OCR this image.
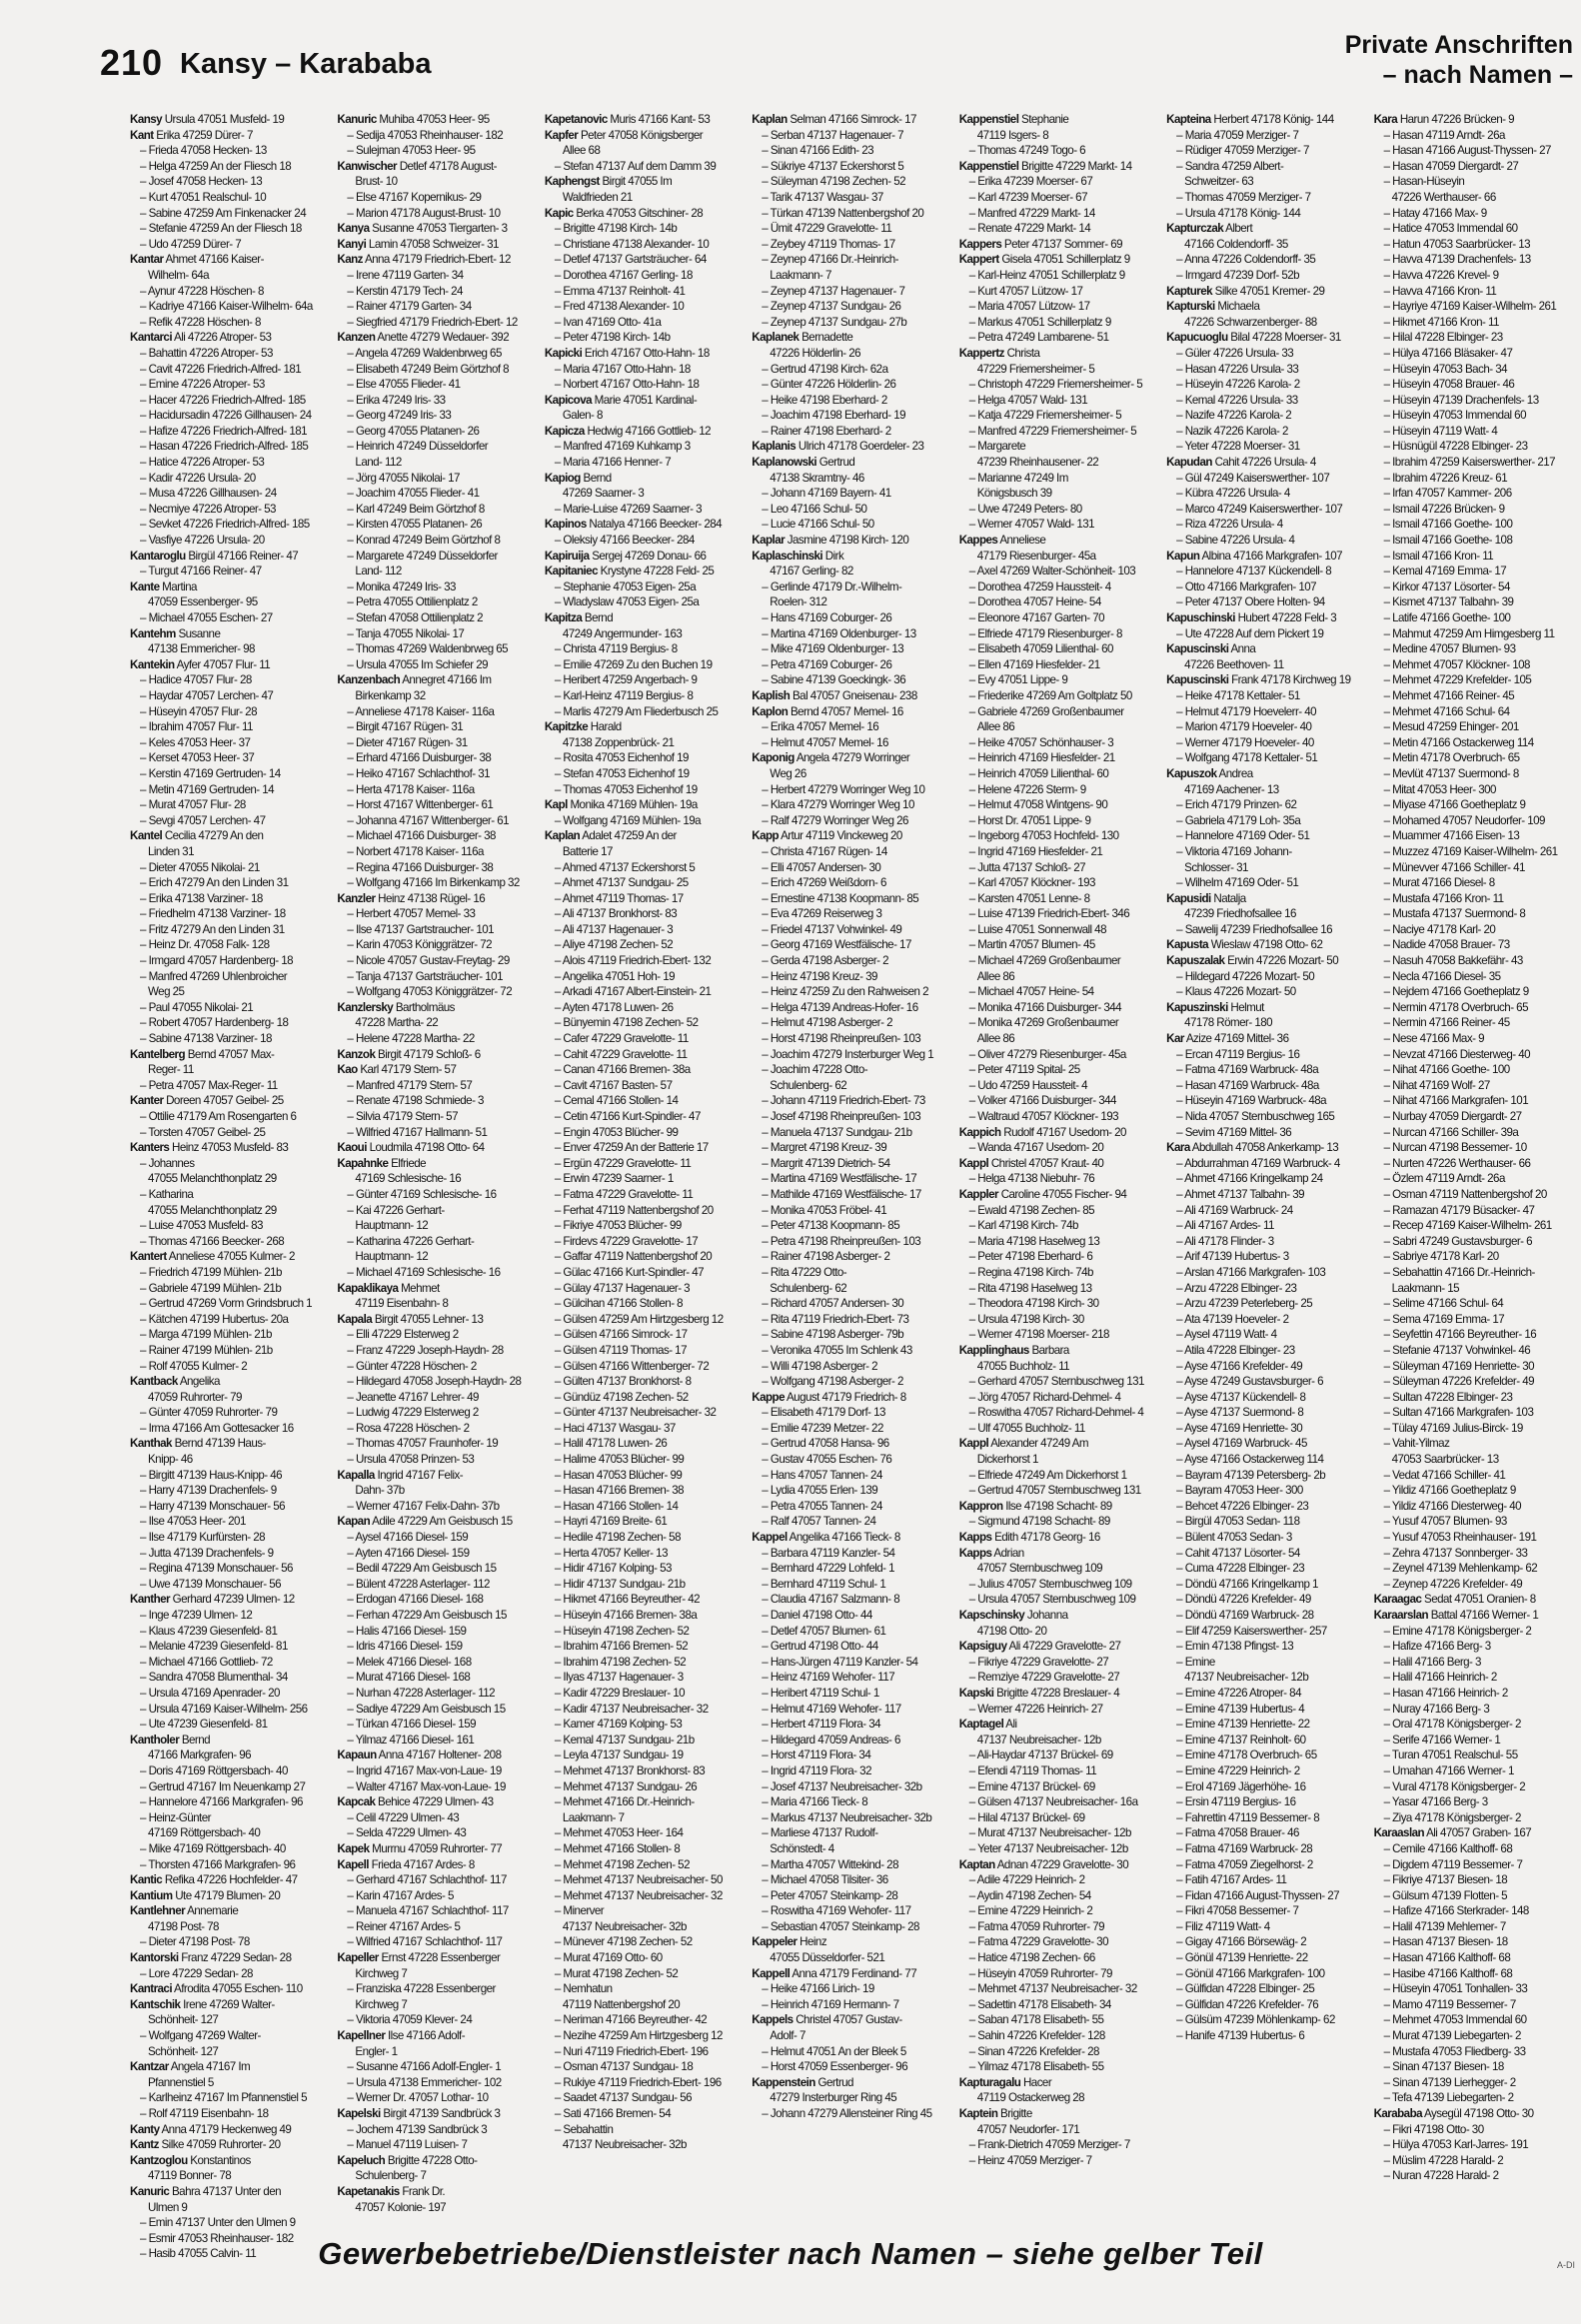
210 Kansy – Karababa
Private Anschriften
– nach Namen –
Kansy Ursula 47051 Musfeld- 19
Kant Erika 47259 Dürer- 7
– Frieda 47058 Hecken- 13
– Helga 47259 An der Fliesch 18
– Josef 47058 Hecken- 13
– Kurt 47051 Realschul- 10
– Sabine 47259 Am Finkenacker 24
– Stefanie 47259 An der Fliesch 18
– Udo 47259 Dürer- 7
Kantar Ahmet 47166 Kaiser-
Wilhelm- 64a
– Aynur 47228 Höschen- 8
– Kadriye 47166 Kaiser-Wilhelm- 64a
– Refik 47228 Höschen- 8
Kantarci Ali 47226 Atroper- 53
– Bahattin 47226 Atroper- 53
– Cavit 47226 Friedrich-Alfred- 181
– Emine 47226 Atroper- 53
– Hacer 47226 Friedrich-Alfred- 185
– Hacidursadin 47226 Gillhausen- 24
– Hafize 47226 Friedrich-Alfred- 181
– Hasan 47226 Friedrich-Alfred- 185
– Hatice 47226 Atroper- 53
– Kadir 47226 Ursula- 20
– Musa 47226 Gillhausen- 24
– Necmiye 47226 Atroper- 53
– Sevket 47226 Friedrich-Alfred- 185
– Vasfiye 47226 Ursula- 20
Kantaroglu Birgül 47166 Reiner- 47
– Turgut 47166 Reiner- 47
Kante Martina
47059 Essenberger- 95
– Michael 47055 Eschen- 27
Kantehm Susanne
47138 Emmericher- 98
Kantekin Ayfer 47057 Flur- 11
– Hadice 47057 Flur- 28
– Haydar 47057 Lerchen- 47
– Hüseyin 47057 Flur- 28
– Ibrahim 47057 Flur- 11
– Keles 47053 Heer- 37
– Kerset 47053 Heer- 37
– Kerstin 47169 Gertruden- 14
– Metin 47169 Gertruden- 14
– Murat 47057 Flur- 28
– Sevgi 47057 Lerchen- 47
Kantel Cecilia 47279 An den
Linden 31
– Dieter 47055 Nikolai- 21
– Erich 47279 An den Linden 31
– Erika 47138 Varziner- 18
– Friedhelm 47138 Varziner- 18
– Fritz 47279 An den Linden 31
– Heinz Dr. 47058 Falk- 128
– Irmgard 47057 Hardenberg- 18
– Manfred 47269 Uhlenbroicher
Weg 25
– Paul 47055 Nikolai- 21
– Robert 47057 Hardenberg- 18
– Sabine 47138 Varziner- 18
Kantelberg Bernd 47057 Max-
Reger- 11
– Petra 47057 Max-Reger- 11
Kanter Doreen 47057 Geibel- 25
– Ottilie 47179 Am Rosengarten 6
– Torsten 47057 Geibel- 25
Kanters Heinz 47053 Musfeld- 83
– Johannes
47055 Melanchthonplatz 29
– Katharina
47055 Melanchthonplatz 29
– Luise 47053 Musfeld- 83
– Thomas 47166 Beecker- 268
Kantert Anneliese 47055 Kulmer- 2
– Friedrich 47199 Mühlen- 21b
– Gabriele 47199 Mühlen- 21b
– Gertrud 47269 Vorm Grindsbruch 1
– Kätchen 47199 Hubertus- 20a
– Marga 47199 Mühlen- 21b
– Rainer 47199 Mühlen- 21b
– Rolf 47055 Kulmer- 2
Kantback Angelika
47059 Ruhrorter- 79
– Günter 47059 Ruhrorter- 79
– Irma 47166 Am Gottesacker 16
Kanthak Bernd 47139 Haus-
Knipp- 46
– Birgitt 47139 Haus-Knipp- 46
– Harry 47139 Drachenfels- 9
– Harry 47139 Monschauer- 56
– Ilse 47053 Heer- 201
– Ilse 47179 Kurfürsten- 28
– Jutta 47139 Drachenfels- 9
– Regina 47139 Monschauer- 56
– Uwe 47139 Monschauer- 56
Kanther Gerhard 47239 Ulmen- 12
– Inge 47239 Ulmen- 12
– Klaus 47239 Giesenfeld- 81
– Melanie 47239 Giesenfeld- 81
– Michael 47166 Gottlieb- 72
– Sandra 47058 Blumenthal- 34
– Ursula 47169 Apenrader- 20
– Ursula 47169 Kaiser-Wilhelm- 256
– Ute 47239 Giesenfeld- 81
Kantholer Bernd
47166 Markgrafen- 96
– Doris 47169 Röttgersbach- 40
– Gertrud 47167 Im Neuenkamp 27
– Hannelore 47166 Markgrafen- 96
– Heinz-Günter
47169 Röttgersbach- 40
– Mike 47169 Röttgersbach- 40
– Thorsten 47166 Markgrafen- 96
Kantic Refika 47226 Hochfelder- 47
Kantium Ute 47179 Blumen- 20
Kantlehner Annemarie
47198 Post- 78
– Dieter 47198 Post- 78
Kantorski Franz 47229 Sedan- 28
– Lore 47229 Sedan- 28
Kantraci Afrodita 47055 Eschen- 110
Kantschik Irene 47269 Walter-
Schönheit- 127
– Wolfgang 47269 Walter-
Schönheit- 127
Kantzar Angela 47167 Im
Pfannenstiel 5
– Karlheinz 47167 Im Pfannenstiel 5
– Rolf 47119 Eisenbahn- 18
Kanty Anna 47179 Heckenweg 49
Kantz Silke 47059 Ruhrorter- 20
Kantzoglou Konstantinos
47119 Bonner- 78
Kanuric Bahra 47137 Unter den
Ulmen 9
– Emin 47137 Unter den Ulmen 9
– Esmir 47053 Rheinhauser- 182
– Hasib 47055 Calvin- 11
Kanuric Muhiba 47053 Heer- 95
– Sedija 47053 Rheinhauser- 182
– Sulejman 47053 Heer- 95
Kanwischer Detlef 47178 August-
Brust- 10
– Else 47167 Kopernikus- 29
– Marion 47178 August-Brust- 10
Kanya Susanne 47053 Tiergarten- 3
Kanyi Lamin 47058 Schweizer- 31
Kanz Anna 47179 Friedrich-Ebert- 12
– Irene 47119 Garten- 34
– Kerstin 47179 Tech- 24
– Rainer 47179 Garten- 34
– Siegfried 47179 Friedrich-Ebert- 12
Kanzen Anette 47279 Wedauer- 392
– Angela 47269 Waldenbrweg 65
– Elisabeth 47249 Beim Görtzhof 8
– Else 47055 Flieder- 41
– Erika 47249 Iris- 33
– Georg 47249 Iris- 33
– Georg 47055 Platanen- 26
– Heinrich 47249 Düsseldorfer
Land- 112
– Jörg 47055 Nikolai- 17
– Joachim 47055 Flieder- 41
– Karl 47249 Beim Görtzhof 8
– Kirsten 47055 Platanen- 26
– Konrad 47249 Beim Görtzhof 8
– Margarete 47249 Düsseldorfer
Land- 112
– Monika 47249 Iris- 33
– Petra 47055 Ottilienplatz 2
– Stefan 47058 Ottilienplatz 2
– Tanja 47055 Nikolai- 17
– Thomas 47269 Waldenbrweg 65
– Ursula 47055 Im Schiefer 29
Kanzenbach Annegret 47166 Im
Birkenkamp 32
– Anneliese 47178 Kaiser- 116a
– Birgit 47167 Rügen- 31
– Dieter 47167 Rügen- 31
– Erhard 47166 Duisburger- 38
– Heiko 47167 Schlachthof- 31
– Herta 47178 Kaiser- 116a
– Horst 47167 Wittenberger- 61
– Johanna 47167 Wittenberger- 61
– Michael 47166 Duisburger- 38
– Norbert 47178 Kaiser- 116a
– Regina 47166 Duisburger- 38
– Wolfgang 47166 Im Birkenkamp 32
Kanzler Heinz 47138 Rügel- 16
– Herbert 47057 Memel- 33
– Ilse 47137 Gartstraucher- 101
– Karin 47053 Königgrätzer- 72
– Nicole 47057 Gustav-Freytag- 29
– Tanja 47137 Gartsträucher- 101
– Wolfgang 47053 Königgrätzer- 72
Kanzlersky Bartholmäus
47228 Martha- 22
– Helene 47228 Martha- 22
Kanzok Birgit 47179 Schloß- 6
Kao Karl 47179 Stern- 57
– Manfred 47179 Stern- 57
– Renate 47198 Schmiede- 3
– Silvia 47179 Stern- 57
– Wilfried 47167 Hallmann- 51
Kaoui Loudmila 47198 Otto- 64
Kapahnke Elfriede
47169 Schlesische- 16
– Günter 47169 Schlesische- 16
– Kai 47226 Gerhart-
Hauptmann- 12
– Katharina 47226 Gerhart-
Hauptmann- 12
– Michael 47169 Schlesische- 16
Kapaklikaya Mehmet
47119 Eisenbahn- 8
Kapala Birgit 47055 Lehner- 13
– Elli 47229 Elsterweg 2
– Franz 47229 Joseph-Haydn- 28
– Günter 47228 Höschen- 2
– Hildegard 47058 Joseph-Haydn- 28
– Jeanette 47167 Lehrer- 49
– Ludwig 47229 Elsterweg 2
– Rosa 47228 Höschen- 2
– Thomas 47057 Fraunhofer- 19
– Ursula 47058 Prinzen- 53
Kapalla Ingrid 47167 Felix-
Dahn- 37b
– Werner 47167 Felix-Dahn- 37b
Kapan Adile 47229 Am Geisbusch 15
– Aysel 47166 Diesel- 159
– Ayten 47166 Diesel- 159
– Bedil 47229 Am Geisbusch 15
– Bülent 47228 Asterlager- 112
– Erdogan 47166 Diesel- 168
– Ferhan 47229 Am Geisbusch 15
– Halis 47166 Diesel- 159
– Idris 47166 Diesel- 159
– Melek 47166 Diesel- 168
– Murat 47166 Diesel- 168
– Nurhan 47228 Asterlager- 112
– Sadiye 47229 Am Geisbusch 15
– Türkan 47166 Diesel- 159
– Yilmaz 47166 Diesel- 161
Kapaun Anna 47167 Holtener- 208
– Ingrid 47167 Max-von-Laue- 19
– Walter 47167 Max-von-Laue- 19
Kapcak Behice 47229 Ulmen- 43
– Celil 47229 Ulmen- 43
– Selda 47229 Ulmen- 43
Kapek Murrnu 47059 Ruhrorter- 77
Kapell Frieda 47167 Ardes- 8
– Gerhard 47167 Schlachthof- 117
– Karin 47167 Ardes- 5
– Manuela 47167 Schlachthof- 117
– Reiner 47167 Ardes- 5
– Wilfried 47167 Schlachthof- 117
Kapeller Ernst 47228 Essenberger
Kirchweg 7
– Franziska 47228 Essenberger
Kirchweg 7
– Viktoria 47059 Klever- 24
Kapellner Ilse 47166 Adolf-
Engler- 1
– Susanne 47166 Adolf-Engler- 1
– Ursula 47138 Emmericher- 102
– Werner Dr. 47057 Lothar- 10
Kapelski Birgit 47139 Sandbrück 3
– Jochem 47139 Sandbrück 3
– Manuel 47119 Luisen- 7
Kapeluch Brigitte 47228 Otto-
Schulenberg- 7
Kapetanakis Frank Dr.
47057 Kolonie- 197
Kapetanovic Muris 47166 Kant- 53
Kapfer Peter 47058 Königsberger
Allee 68
– Stefan 47137 Auf dem Damm 39
Kaphengst Birgit 47055 Im
Waldfrieden 21
Kapic Berka 47053 Gitschiner- 28
– Brigitte 47198 Kirch- 14b
– Christiane 47138 Alexander- 10
– Detlef 47137 Gartsträucher- 64
– Dorothea 47167 Gerling- 18
– Emma 47137 Reinholt- 41
– Fred 47138 Alexander- 10
– Ivan 47169 Otto- 41a
– Peter 47198 Kirch- 14b
Kapicki Erich 47167 Otto-Hahn- 18
– Maria 47167 Otto-Hahn- 18
– Norbert 47167 Otto-Hahn- 18
Kapicova Marie 47051 Kardinal-
Galen- 8
Kapicza Hedwig 47166 Gottlieb- 12
– Manfred 47169 Kuhkamp 3
– Maria 47166 Henner- 7
Kapiog Bernd
47269 Saarner- 3
– Marie-Luise 47269 Saarner- 3
Kapinos Natalya 47166 Beecker- 284
– Oleksiy 47166 Beecker- 284
Kapiruija Sergej 47269 Donau- 66
Kapitaniec Krystyne 47228 Feld- 25
– Stephanie 47053 Eigen- 25a
– Wladyslaw 47053 Eigen- 25a
Kapitza Bernd
47249 Angermunder- 163
– Christa 47119 Bergius- 8
– Emilie 47269 Zu den Buchen 19
– Heribert 47259 Angerbach- 9
– Karl-Heinz 47119 Bergius- 8
– Marlis 47279 Am Fliederbusch 25
Kapitzke Harald
47138 Zoppenbrück- 21
– Rosita 47053 Eichenhof 19
– Stefan 47053 Eichenhof 19
– Thomas 47053 Eichenhof 19
Kapl Monika 47169 Mühlen- 19a
– Wolfgang 47169 Mühlen- 19a
Kaplan Adalet 47259 An der
Batterie 17
– Ahmed 47137 Eckershorst 5
– Ahmet 47137 Sundgau- 25
– Ahmet 47119 Thomas- 17
– Ali 47137 Bronkhorst- 83
– Ali 47137 Hagenauer- 3
– Aliye 47198 Zechen- 52
– Alois 47119 Friedrich-Ebert- 132
– Angelika 47051 Hoh- 19
– Arkadi 47167 Albert-Einstein- 21
– Ayten 47178 Luwen- 26
– Bünyemin 47198 Zechen- 52
– Cafer 47229 Gravelotte- 11
– Cahit 47229 Gravelotte- 11
– Canan 47166 Bremen- 38a
– Cavit 47167 Basten- 57
– Cemal 47166 Stollen- 14
– Cetin 47166 Kurt-Spindler- 47
– Engin 47053 Blücher- 99
– Enver 47259 An der Batterie 17
– Ergün 47229 Gravelotte- 11
– Erwin 47239 Saarner- 1
– Fatma 47229 Gravelotte- 11
– Ferhat 47119 Nattenbergshof 20
– Fikriye 47053 Blücher- 99
– Firdevs 47229 Gravelotte- 17
– Gaffar 47119 Nattenbergshof 20
– Gülac 47166 Kurt-Spindler- 47
– Gülay 47137 Hagenauer- 3
– Gülcihan 47166 Stollen- 8
– Gülsen 47259 Am Hirtzgesberg 12
– Gülsen 47166 Simrock- 17
– Gülsen 47119 Thomas- 17
– Gülsen 47166 Wittenberger- 72
– Gülten 47137 Bronkhorst- 8
– Gündüz 47198 Zechen- 52
– Günter 47137 Neubreisacher- 32
– Haci 47137 Wasgau- 37
– Halil 47178 Luwen- 26
– Halime 47053 Blücher- 99
– Hasan 47053 Blücher- 99
– Hasan 47166 Bremen- 38
– Hasan 47166 Stollen- 14
– Hayri 47169 Breite- 61
– Hedile 47198 Zechen- 58
– Herta 47057 Keller- 13
– Hidir 47167 Kolping- 53
– Hidir 47137 Sundgau- 21b
– Hikmet 47166 Beyreuther- 42
– Hüseyin 47166 Bremen- 38a
– Hüseyin 47198 Zechen- 52
– Ibrahim 47166 Bremen- 52
– Ibrahim 47198 Zechen- 52
– Ilyas 47137 Hagenauer- 3
– Kadir 47229 Breslauer- 10
– Kadir 47137 Neubreisacher- 32
– Kamer 47169 Kolping- 53
– Kemal 47137 Sundgau- 21b
– Leyla 47137 Sundgau- 19
– Mehmet 47137 Bronkhorst- 83
– Mehmet 47137 Sundgau- 26
– Mehmet 47166 Dr.-Heinrich-
Laakmann- 7
– Mehmet 47053 Heer- 164
– Mehmet 47166 Stollen- 8
– Mehmet 47198 Zechen- 52
– Mehmet 47137 Neubreisacher- 50
– Mehmet 47137 Neubreisacher- 32
– Minerver
47137 Neubreisacher- 32b
– Münever 47198 Zechen- 52
– Murat 47169 Otto- 60
– Murat 47198 Zechen- 52
– Nemhatun
47119 Nattenbergshof 20
– Neriman 47166 Beyreuther- 42
– Nezihe 47259 Am Hirtzgesberg 12
– Nuri 47119 Friedrich-Ebert- 196
– Osman 47137 Sundgau- 18
– Rukiye 47119 Friedrich-Ebert- 196
– Saadet 47137 Sundgau- 56
– Sati 47166 Bremen- 54
– Sebahattin
47137 Neubreisacher- 32b
Kaplan Selman 47166 Simrock- 17
– Serban 47137 Hagenauer- 7
– Sinan 47166 Edith- 23
– Sükriye 47137 Eckershorst 5
– Süleyman 47198 Zechen- 52
– Tarik 47137 Wasgau- 37
– Türkan 47139 Nattenbergshof 20
– Ümit 47229 Gravelotte- 11
– Zeybey 47119 Thomas- 17
– Zeynep 47166 Dr.-Heinrich-
Laakmann- 7
– Zeynep 47137 Hagenauer- 7
– Zeynep 47137 Sundgau- 26
– Zeynep 47137 Sundgau- 27b
Kaplanek Bernadette
47226 Hölderlin- 26
– Gertrud 47198 Kirch- 62a
– Günter 47226 Hölderlin- 26
– Heike 47198 Eberhard- 2
– Joachim 47198 Eberhard- 19
– Rainer 47198 Eberhard- 2
Kaplanis Ulrich 47178 Goerdeler- 23
Kaplanowski Gertrud
47138 Skramtny- 46
– Johann 47169 Bayern- 41
– Leo 47166 Schul- 50
– Lucie 47166 Schul- 50
Kaplar Jasmine 47198 Kirch- 120
Kaplaschinski Dirk
47167 Gerling- 82
– Gerlinde 47179 Dr.-Wilhelm-
Roelen- 312
– Hans 47169 Coburger- 26
– Martina 47169 Oldenburger- 13
– Mike 47169 Oldenburger- 13
– Petra 47169 Coburger- 26
– Sabine 47139 Goeckingk- 36
Kaplish Bal 47057 Gneisenau- 238
Kaplon Bernd 47057 Memel- 16
– Erika 47057 Memel- 16
– Helmut 47057 Memel- 16
Kaponig Angela 47279 Worringer
Weg 26
– Herbert 47279 Worringer Weg 10
– Klara 47279 Worringer Weg 10
– Ralf 47279 Worringer Weg 26
Kapp Artur 47119 Vinckeweg 20
– Christa 47167 Rügen- 14
– Elli 47057 Andersen- 30
– Erich 47269 Weißdorn- 6
– Ernestine 47138 Koopmann- 85
– Eva 47269 Reiserweg 3
– Friedel 47137 Vohwinkel- 49
– Georg 47169 Westfälische- 17
– Gerda 47198 Asberger- 2
– Heinz 47198 Kreuz- 39
– Heinz 47259 Zu den Rahweisen 2
– Helga 47139 Andreas-Hofer- 16
– Helmut 47198 Asberger- 2
– Horst 47198 Rheinpreußen- 103
– Joachim 47279 Insterburger Weg 1
– Joachim 47228 Otto-
Schulenberg- 62
– Johann 47119 Friedrich-Ebert- 73
– Josef 47198 Rheinpreußen- 103
– Manuela 47137 Sundgau- 21b
– Margret 47198 Kreuz- 39
– Margrit 47139 Dietrich- 54
– Martina 47169 Westfälische- 17
– Mathilde 47169 Westfälische- 17
– Monika 47053 Fröbel- 41
– Peter 47138 Koopmann- 85
– Petra 47198 Rheinpreußen- 103
– Rainer 47198 Asberger- 2
– Rita 47229 Otto-
Schulenberg- 62
– Richard 47057 Andersen- 30
– Rita 47119 Friedrich-Ebert- 73
– Sabine 47198 Asberger- 79b
– Veronika 47055 Im Schlenk 43
– Willi 47198 Asberger- 2
– Wolfgang 47198 Asberger- 2
Kappe August 47179 Friedrich- 8
– Elisabeth 47179 Dorf- 13
– Emilie 47239 Metzer- 22
– Gertrud 47058 Hansa- 96
– Gustav 47055 Eschen- 76
– Hans 47057 Tannen- 24
– Lydia 47055 Erlen- 139
– Petra 47055 Tannen- 24
– Ralf 47057 Tannen- 24
Kappel Angelika 47166 Tieck- 8
– Barbara 47119 Kanzler- 54
– Bernhard 47229 Lohfeld- 1
– Bernhard 47119 Schul- 1
– Claudia 47167 Salzmann- 8
– Daniel 47198 Otto- 44
– Detlef 47057 Blumen- 61
– Gertrud 47198 Otto- 44
– Hans-Jürgen 47119 Kanzler- 54
– Heinz 47169 Wehofer- 117
– Heribert 47119 Schul- 1
– Helmut 47169 Wehofer- 117
– Herbert 47119 Flora- 34
– Hildegard 47059 Andreas- 6
– Horst 47119 Flora- 34
– Ingrid 47119 Flora- 32
– Josef 47137 Neubreisacher- 32b
– Maria 47166 Tieck- 8
– Markus 47137 Neubreisacher- 32b
– Marliese 47137 Rudolf-
Schönstedt- 4
– Martha 47057 Wittekind- 28
– Michael 47058 Tilsiter- 36
– Peter 47057 Steinkamp- 28
– Roswitha 47169 Wehofer- 117
– Sebastian 47057 Steinkamp- 28
Kappeler Heinz
47055 Düsseldorfer- 521
Kappell Anna 47179 Ferdinand- 77
– Heike 47166 Lirich- 19
– Heinrich 47169 Hermann- 7
Kappels Christel 47057 Gustav-
Adolf- 7
– Helmut 47051 An der Bleek 5
– Horst 47059 Essenberger- 96
Kappenstein Gertrud
47279 Insterburger Ring 45
– Johann 47279 Allensteiner Ring 45
Kappenstiel Stephanie
47119 Isgers- 8
– Thomas 47249 Togo- 6
Kappenstiel Brigitte 47229 Markt- 14
– Erika 47239 Moerser- 67
– Karl 47239 Moerser- 67
– Manfred 47229 Markt- 14
– Renate 47229 Markt- 14
Kappers Peter 47137 Sommer- 69
Kappert Gisela 47051 Schillerplatz 9
– Karl-Heinz 47051 Schillerplatz 9
– Kurt 47057 Lützow- 17
– Maria 47057 Lützow- 17
– Markus 47051 Schillerplatz 9
– Petra 47249 Lambarene- 51
Kappertz Christa
47229 Friemersheimer- 5
– Christoph 47229 Friemersheimer- 5
– Helga 47057 Wald- 131
– Katja 47229 Friemersheimer- 5
– Manfred 47229 Friemersheimer- 5
– Margarete
47239 Rheinhausener- 22
– Marianne 47249 Im
Königsbusch 39
– Uwe 47249 Peters- 80
– Werner 47057 Wald- 131
Kappes Anneliese
47179 Riesenburger- 45a
– Axel 47269 Walter-Schönheit- 103
– Dorothea 47259 Haussteit- 4
– Dorothea 47057 Heine- 54
– Eleonore 47167 Garten- 70
– Elfriede 47179 Riesenburger- 8
– Elisabeth 47059 Lilienthal- 60
– Ellen 47169 Hiesfelder- 21
– Evy 47051 Lippe- 9
– Friederike 47269 Am Goltplatz 50
– Gabriele 47269 Großenbaumer
Allee 86
– Heike 47057 Schönhauser- 3
– Heinrich 47169 Hiesfelder- 21
– Heinrich 47059 Lilienthal- 60
– Helene 47226 Sterm- 9
– Helmut 47058 Wintgens- 90
– Horst Dr. 47051 Lippe- 9
– Ingeborg 47053 Hochfeld- 130
– Ingrid 47169 Hiesfelder- 21
– Jutta 47137 Schloß- 27
– Karl 47057 Klöckner- 193
– Karsten 47051 Lenne- 8
– Luise 47139 Friedrich-Ebert- 346
– Luise 47051 Sonnenwall 48
– Martin 47057 Blumen- 45
– Michael 47269 Großenbaumer
Allee 86
– Michael 47057 Heine- 54
– Monika 47166 Duisburger- 344
– Monika 47269 Großenbaumer
Allee 86
– Oliver 47279 Riesenburger- 45a
– Peter 47119 Spital- 25
– Udo 47259 Haussteit- 4
– Volker 47166 Duisburger- 344
– Waltraud 47057 Klöckner- 193
Kappich Rudolf 47167 Usedom- 20
– Wanda 47167 Usedom- 20
Kappl Christel 47057 Kraut- 40
– Helga 47138 Niebuhr- 76
Kappler Caroline 47055 Fischer- 94
– Ewald 47198 Zechen- 85
– Karl 47198 Kirch- 74b
– Maria 47198 Haselweg 13
– Peter 47198 Eberhard- 6
– Regina 47198 Kirch- 74b
– Rita 47198 Haselweg 13
– Theodora 47198 Kirch- 30
– Ursula 47198 Kirch- 30
– Werner 47198 Moerser- 218
Kapplinghaus Barbara
47055 Buchholz- 11
– Gerhard 47057 Sternbuschweg 131
– Jörg 47057 Richard-Dehmel- 4
– Roswitha 47057 Richard-Dehmel- 4
– Ulf 47055 Buchholz- 11
Kappl Alexander 47249 Am
Dickerhorst 1
– Elfriede 47249 Am Dickerhorst 1
– Gertrud 47057 Sternbuschweg 131
Kappron Ilse 47198 Schacht- 89
– Sigmund 47198 Schacht- 89
Kapps Edith 47178 Georg- 16
Kapps Adrian
47057 Sternbuschweg 109
– Julius 47057 Sternbuschweg 109
– Ursula 47057 Sternbuschweg 109
Kapschinsky Johanna
47198 Otto- 20
Kapsiguy Ali 47229 Gravelotte- 27
– Fikriye 47229 Gravelotte- 27
– Remziye 47229 Gravelotte- 27
Kapski Brigitte 47228 Breslauer- 4
– Werner 47226 Heinrich- 27
Kaptagel Ali
47137 Neubreisacher- 12b
– Ali-Haydar 47137 Brückel- 69
– Efendi 47119 Thomas- 11
– Emine 47137 Brückel- 69
– Gülsen 47137 Neubreisacher- 16a
– Hilal 47137 Brückel- 69
– Murat 47137 Neubreisacher- 12b
– Yeter 47137 Neubreisacher- 12b
Kaptan Adnan 47229 Gravelotte- 30
– Adile 47229 Heinrich- 2
– Aydin 47198 Zechen- 54
– Emine 47229 Heinrich- 2
– Fatma 47059 Ruhrorter- 79
– Fatma 47229 Gravelotte- 30
– Hatice 47198 Zechen- 66
– Hüseyin 47059 Ruhrorter- 79
– Mehmet 47137 Neubreisacher- 32
– Sadettin 47178 Elisabeth- 34
– Saban 47178 Elisabeth- 55
– Sahin 47226 Krefelder- 128
– Sinan 47226 Krefelder- 28
– Yilmaz 47178 Elisabeth- 55
Kapturagalu Hacer
47119 Ostackerweg 28
Kaptein Brigitte
47057 Neudorfer- 171
– Frank-Dietrich 47059 Merziger- 7
– Heinz 47059 Merziger- 7
Kapteina Herbert 47178 König- 144
– Maria 47059 Merziger- 7
– Rüdiger 47059 Merziger- 7
– Sandra 47259 Albert-
Schweitzer- 63
– Thomas 47059 Merziger- 7
– Ursula 47178 König- 144
Kapturczak Albert
47166 Coldendorff- 35
– Anna 47226 Coldendorff- 35
– Irmgard 47239 Dorf- 52b
Kapturek Silke 47051 Kremer- 29
Kapturski Michaela
47226 Schwarzenberger- 88
Kapucuoglu Bilal 47228 Moerser- 31
– Güler 47226 Ursula- 33
– Hasan 47226 Ursula- 33
– Hüseyin 47226 Karola- 2
– Kemal 47226 Ursula- 33
– Nazife 47226 Karola- 2
– Nazik 47226 Karola- 2
– Yeter 47228 Moerser- 31
Kapudan Cahit 47226 Ursula- 4
– Gül 47249 Kaiserswerther- 107
– Kübra 47226 Ursula- 4
– Marco 47249 Kaiserswerther- 107
– Riza 47226 Ursula- 4
– Sabine 47226 Ursula- 4
Kapun Albina 47166 Markgrafen- 107
– Hannelore 47137 Kückendell- 8
– Otto 47166 Markgrafen- 107
– Peter 47137 Obere Holten- 94
Kapuschinski Hubert 47228 Feld- 3
– Ute 47228 Auf dem Pickert 19
Kapuscinski Anna
47226 Beethoven- 11
Kapuscinski Frank 47178 Kirchweg 19
– Heike 47178 Kettaler- 51
– Helmut 47179 Hoevelerr- 40
– Marion 47179 Hoeveler- 40
– Werner 47179 Hoeveler- 40
– Wolfgang 47178 Kettaler- 51
Kapuszok Andrea
47169 Aachener- 13
– Erich 47179 Prinzen- 62
– Gabriela 47179 Loh- 35a
– Hannelore 47169 Oder- 51
– Viktoria 47169 Johann-
Schlosser- 31
– Wilhelm 47169 Oder- 51
Kapusidi Natalja
47239 Friedhofsallee 16
– Sawelij 47239 Friedhofsallee 16
Kapusta Wieslaw 47198 Otto- 62
Kapuszalak Erwin 47226 Mozart- 50
– Hildegard 47226 Mozart- 50
– Klaus 47226 Mozart- 50
Kapuszinski Helmut
47178 Römer- 180
Kar Azize 47169 Mittel- 36
– Ercan 47119 Bergius- 16
– Fatma 47169 Warbruck- 48a
– Hasan 47169 Warbruck- 48a
– Hüseyin 47169 Warbruck- 48a
– Nida 47057 Sternbuschweg 165
– Sevim 47169 Mittel- 36
Kara Abdullah 47058 Ankerkamp- 13
– Abdurrahman 47169 Warbruck- 4
– Ahmet 47166 Kringelkamp 24
– Ahmet 47137 Talbahn- 39
– Ali 47169 Warbruck- 24
– Ali 47167 Ardes- 11
– Ali 47178 Flinder- 3
– Arif 47139 Hubertus- 3
– Arslan 47166 Markgrafen- 103
– Arzu 47228 Elbinger- 23
– Arzu 47239 Peterleberg- 25
– Ata 47139 Hoeveler- 2
– Aysel 47119 Watt- 4
– Atila 47228 Elbinger- 23
– Ayse 47166 Krefelder- 49
– Ayse 47249 Gustavsburger- 6
– Ayse 47137 Kückendell- 8
– Ayse 47137 Suermond- 8
– Ayse 47169 Henriette- 30
– Aysel 47169 Warbruck- 45
– Ayse 47166 Ostackerweg 114
– Bayram 47139 Petersberg- 2b
– Bayram 47053 Heer- 300
– Behcet 47226 Elbinger- 23
– Birgül 47053 Sedan- 118
– Bülent 47053 Sedan- 3
– Cahit 47137 Lösorter- 54
– Cuma 47228 Elbinger- 23
– Döndü 47166 Kringelkamp 1
– Döndü 47226 Krefelder- 49
– Döndü 47169 Warbruck- 28
– Elif 47259 Kaiserswerther- 257
– Emin 47138 Pfingst- 13
– Emine
47137 Neubreisacher- 12b
– Emine 47226 Atroper- 84
– Emine 47139 Hubertus- 4
– Emine 47139 Henriette- 22
– Emine 47137 Reinholt- 60
– Emine 47178 Overbruch- 65
– Emine 47229 Heinrich- 2
– Erol 47169 Jägerhöhe- 16
– Ersin 47119 Bergius- 16
– Fahrettin 47119 Bessemer- 8
– Fatma 47058 Brauer- 46
– Fatma 47169 Warbruck- 28
– Fatma 47059 Ziegelhorst- 2
– Fatih 47167 Ardes- 11
– Fidan 47166 August-Thyssen- 27
– Fikri 47058 Bessemer- 7
– Filiz 47119 Watt- 4
– Gigay 47166 Börsewäg- 2
– Gönül 47139 Henriette- 22
– Gönül 47166 Markgrafen- 100
– Gülfidan 47228 Elbinger- 25
– Gülfidan 47226 Krefelder- 76
– Gülsüm 47239 Möhlenkamp- 62
– Hanife 47139 Hubertus- 6
Kara Harun 47226 Brücken- 9
– Hasan 47119 Arndt- 26a
– Hasan 47166 August-Thyssen- 27
– Hasan 47059 Diergardt- 27
– Hasan-Hüseyin
47226 Werthauser- 66
– Hatay 47166 Max- 9
– Hatice 47053 Immendal 60
– Hatun 47053 Saarbrücker- 13
– Havva 47139 Drachenfels- 13
– Havva 47226 Krevel- 9
– Havva 47166 Kron- 11
– Hayriye 47169 Kaiser-Wilhelm- 261
– Hikmet 47166 Kron- 11
– Hilal 47228 Elbinger- 23
– Hülya 47166 Bläsaker- 47
– Hüseyin 47053 Bach- 34
– Hüseyin 47058 Brauer- 46
– Hüseyin 47139 Drachenfels- 13
– Hüseyin 47053 Immendal 60
– Hüseyin 47119 Watt- 4
– Hüsnügül 47228 Elbinger- 23
– Ibrahim 47259 Kaiserswerther- 217
– Ibrahim 47226 Kreuz- 61
– Irfan 47057 Kammer- 206
– Ismail 47226 Brücken- 9
– Ismail 47166 Goethe- 100
– Ismail 47166 Goethe- 108
– Ismail 47166 Kron- 11
– Kemal 47169 Emma- 17
– Kirkor 47137 Lösorter- 54
– Kismet 47137 Talbahn- 39
– Latife 47166 Goethe- 100
– Mahmut 47259 Am Himgesberg 11
– Medine 47057 Blumen- 93
– Mehmet 47057 Klöckner- 108
– Mehmet 47229 Krefelder- 105
– Mehmet 47166 Reiner- 45
– Mehmet 47166 Schul- 64
– Mesud 47259 Ehinger- 201
– Metin 47166 Ostackerweg 114
– Metin 47178 Overbruch- 65
– Mevlüt 47137 Suermond- 8
– Mitat 47053 Heer- 300
– Miyase 47166 Goetheplatz 9
– Mohamed 47057 Neudorfer- 109
– Muammer 47166 Eisen- 13
– Muzzez 47169 Kaiser-Wilhelm- 261
– Münevver 47166 Schiller- 41
– Murat 47166 Diesel- 8
– Mustafa 47166 Kron- 11
– Mustafa 47137 Suermond- 8
– Naciye 47178 Karl- 20
– Nadide 47058 Brauer- 73
– Nasuh 47058 Bakkefähr- 43
– Necla 47166 Diesel- 35
– Nejdem 47166 Goetheplatz 9
– Nermin 47178 Overbruch- 65
– Nermin 47166 Reiner- 45
– Nese 47166 Max- 9
– Nevzat 47166 Diesterweg- 40
– Nihat 47166 Goethe- 100
– Nihat 47169 Wolf- 27
– Nihat 47166 Markgrafen- 101
– Nurbay 47059 Diergardt- 27
– Nurcan 47166 Schiller- 39a
– Nurcan 47198 Bessemer- 10
– Nurten 47226 Werthauser- 66
– Özlem 47119 Arndt- 26a
– Osman 47119 Nattenbergshof 20
– Ramazan 47179 Büsacker- 47
– Recep 47169 Kaiser-Wilhelm- 261
– Sabri 47249 Gustavsburger- 6
– Sabriye 47178 Karl- 20
– Sebahattin 47166 Dr.-Heinrich-
Laakmann- 15
– Selime 47166 Schul- 64
– Sema 47169 Emma- 17
– Seyfettin 47166 Beyreuther- 16
– Stefanie 47137 Vohwinkel- 46
– Süleyman 47169 Henriette- 30
– Süleyman 47226 Krefelder- 49
– Sultan 47228 Elbinger- 23
– Sultan 47166 Markgrafen- 103
– Tülay 47169 Julius-Birck- 19
– Vahit-Yilmaz
47053 Saarbrücker- 13
– Vedat 47166 Schiller- 41
– Yildiz 47166 Goetheplatz 9
– Yildiz 47166 Diesterweg- 40
– Yusuf 47057 Blumen- 93
– Yusuf 47053 Rheinhauser- 191
– Zehra 47137 Sonnberger- 33
– Zeynel 47139 Mehlenkamp- 62
– Zeynep 47226 Krefelder- 49
Karaagac Sedat 47051 Oranien- 8
Karaarslan Battal 47166 Werner- 1
– Emine 47178 Königsberger- 2
– Hafize 47166 Berg- 3
– Halil 47166 Berg- 3
– Halil 47166 Heinrich- 2
– Hasan 47166 Heinrich- 2
– Nuray 47166 Berg- 3
– Oral 47178 Königsberger- 2
– Serife 47166 Werner- 1
– Turan 47051 Realschul- 55
– Umahan 47166 Werner- 1
– Vural 47178 Königsberger- 2
– Yasar 47166 Berg- 3
– Ziya 47178 Königsberger- 2
Karaaslan Ali 47057 Graben- 167
– Cemile 47166 Kalthoff- 68
– Digdem 47119 Bessemer- 7
– Fikriye 47137 Biesen- 18
– Gülsum 47139 Flotten- 5
– Hafize 47166 Sterkrader- 148
– Halil 47139 Mehlemer- 7
– Hasan 47137 Biesen- 18
– Hasan 47166 Kalthoff- 68
– Hasibe 47166 Kalthoff- 68
– Hüseyin 47051 Tonhallen- 33
– Mamo 47119 Bessemer- 7
– Mehmet 47053 Immendal 60
– Murat 47139 Liebegarten- 2
– Mustafa 47053 Fliedberg- 33
– Sinan 47137 Biesen- 18
– Sinan 47139 Lierhegger- 2
– Tefa 47139 Liebegarten- 2
Karababa Aysegül 47198 Otto- 30
– Fikri 47198 Otto- 30
– Hülya 47053 Karl-Jarres- 191
– Müslim 47228 Harald- 2
– Nuran 47228 Harald- 2
Gewerbebetriebe/Dienstleister nach Namen – siehe gelber Teil	A-DI
